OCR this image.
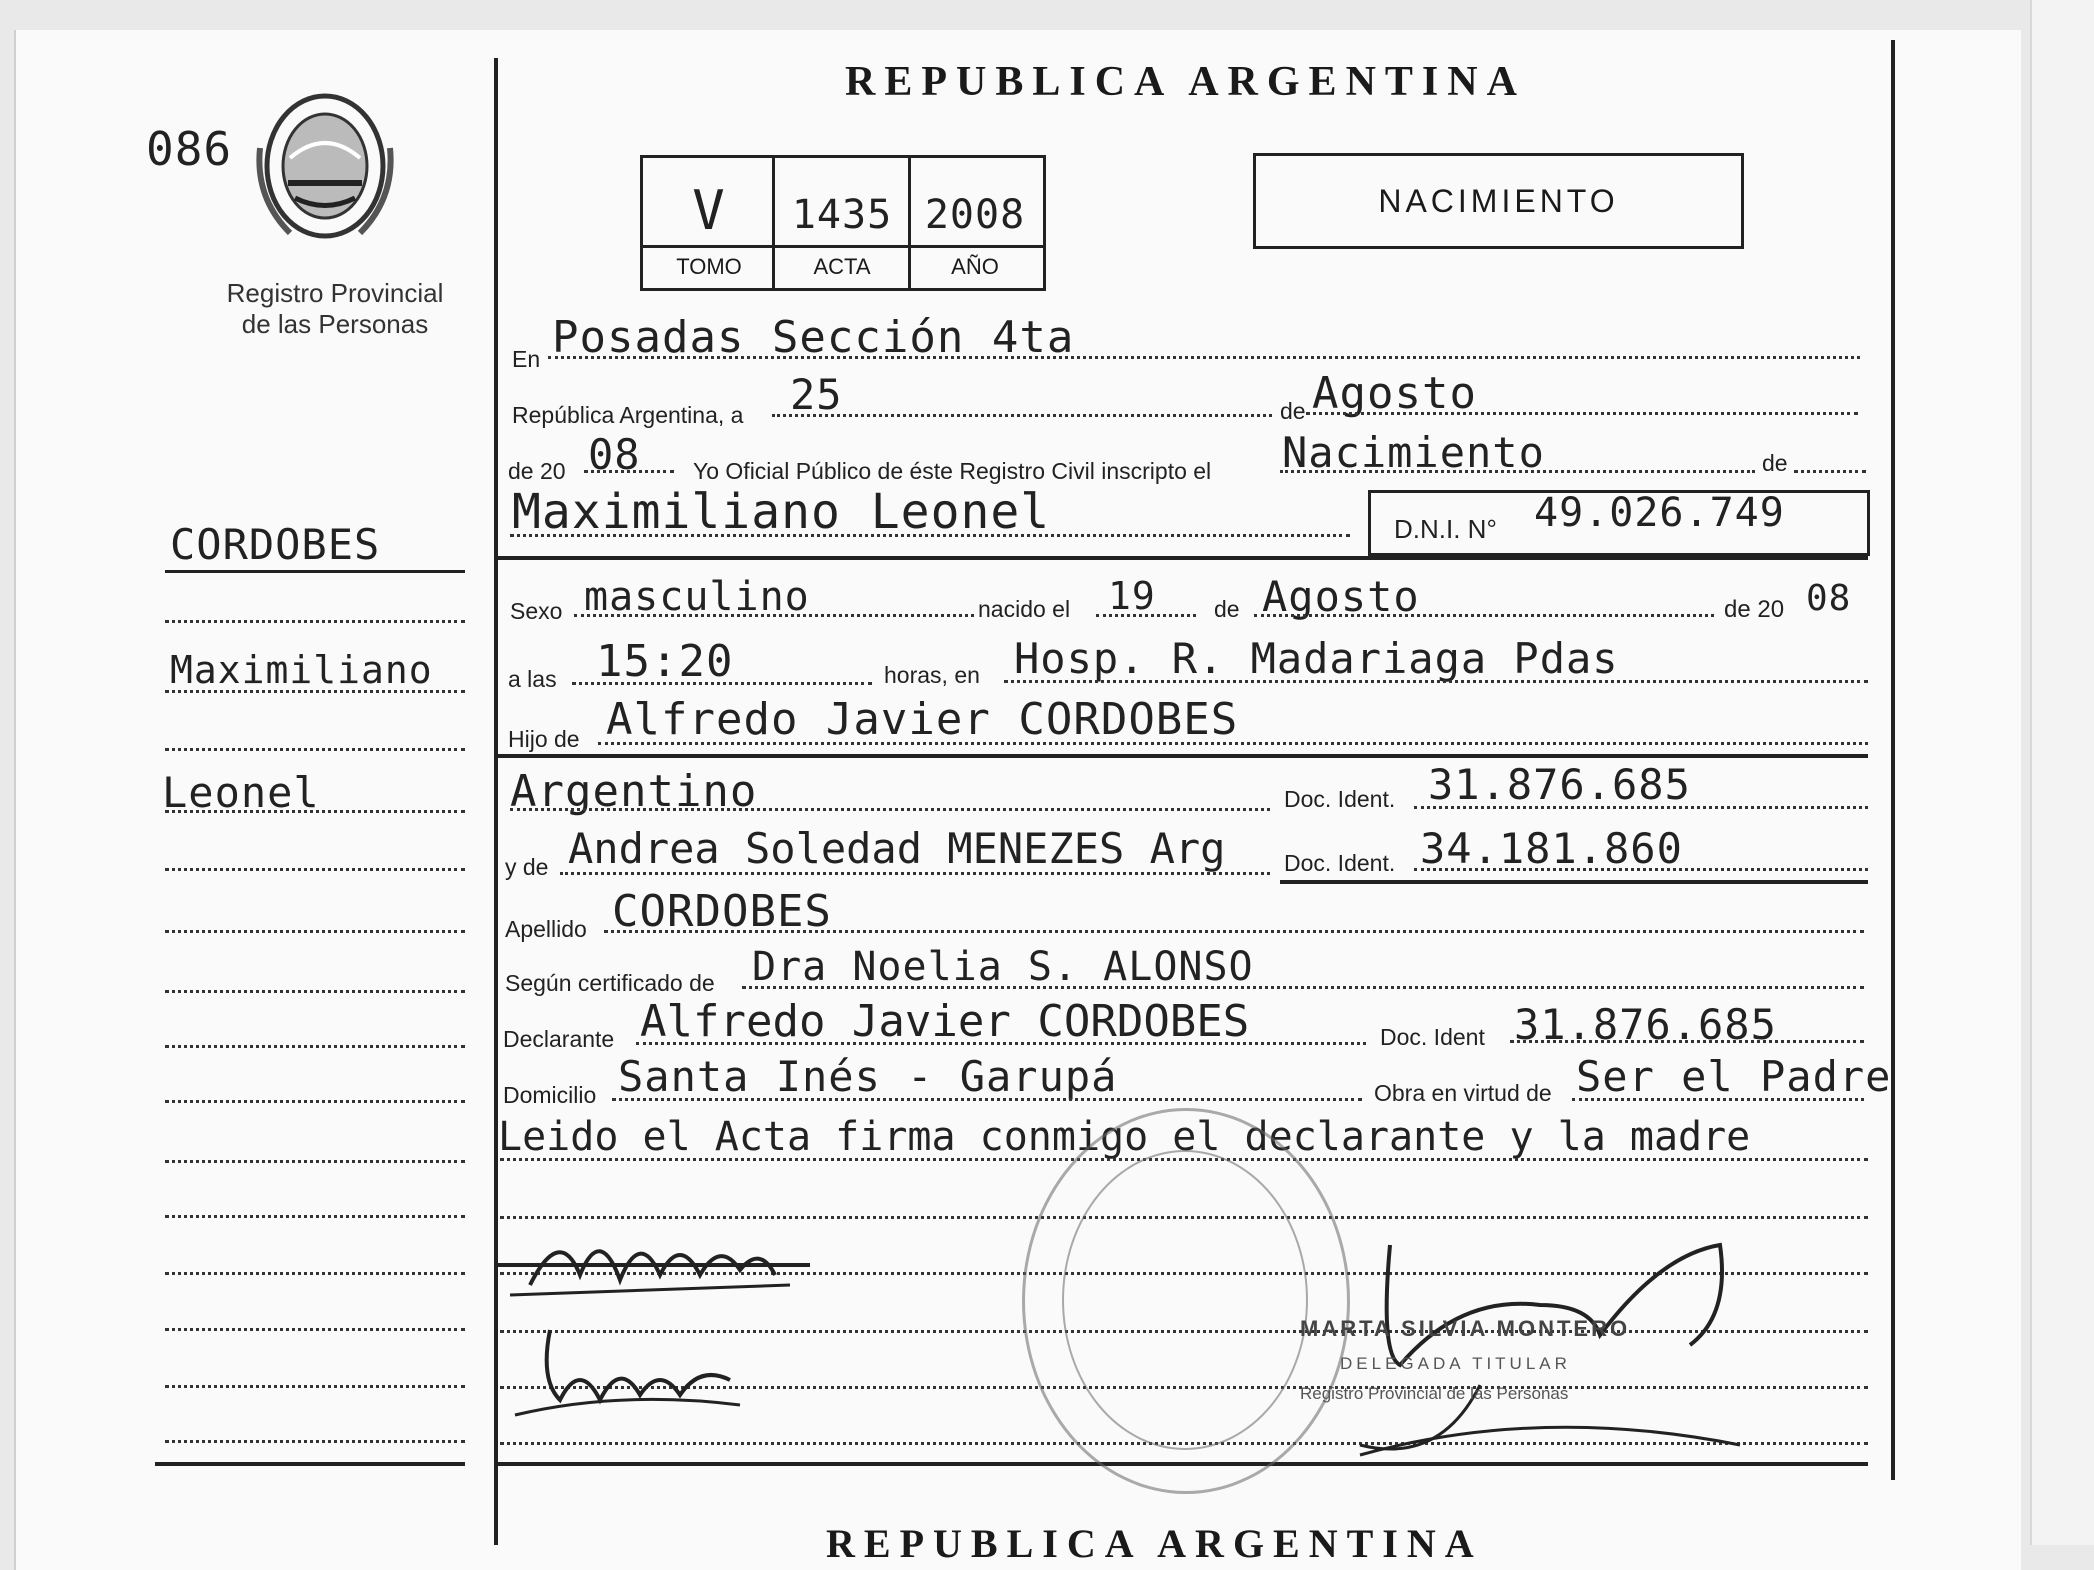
086
Registro Provincial
de las Personas
CORDOBES
Maximiliano
Leonel
REPUBLICA ARGENTINA
V	1435 2008
TOMO	ACTA	AÑO
NACIMIENTO
En Posadas Sección 4ta
República Argentina, a 25	de Agosto
de 20 08 Yo Oficial Público de éste Registro Civil inscripto el Nacimiento	de
Maximiliano Leonel	D.N.I. N° 49.026.749
Sexo masculino	nacido el 19	de Agosto	de 20 08
a las 15:20	horas, en Hosp. R. Madariaga Pdas
Hijo de Alfredo Javier CORDOBES
Argentino	Doc. Ident. 31.876.685
y de Andrea Soledad MENEZES Arg	Doc. Ident. 34.181.860
Apellido CORDOBES
Según certificado de Dra Noelia S. ALONSO
Declarante Alfredo Javier CORDOBES	Doc. Ident 31.876.685
Domicilio Santa Inés - Garupá	Obra en virtud de Ser el Padre
Leido el Acta firma conmigo el declarante y la madre
MARTA SILVIA MONTERO
DELEGADA TITULAR
Registro Provincial de las Personas
REPUBLICA ARGENTINA
